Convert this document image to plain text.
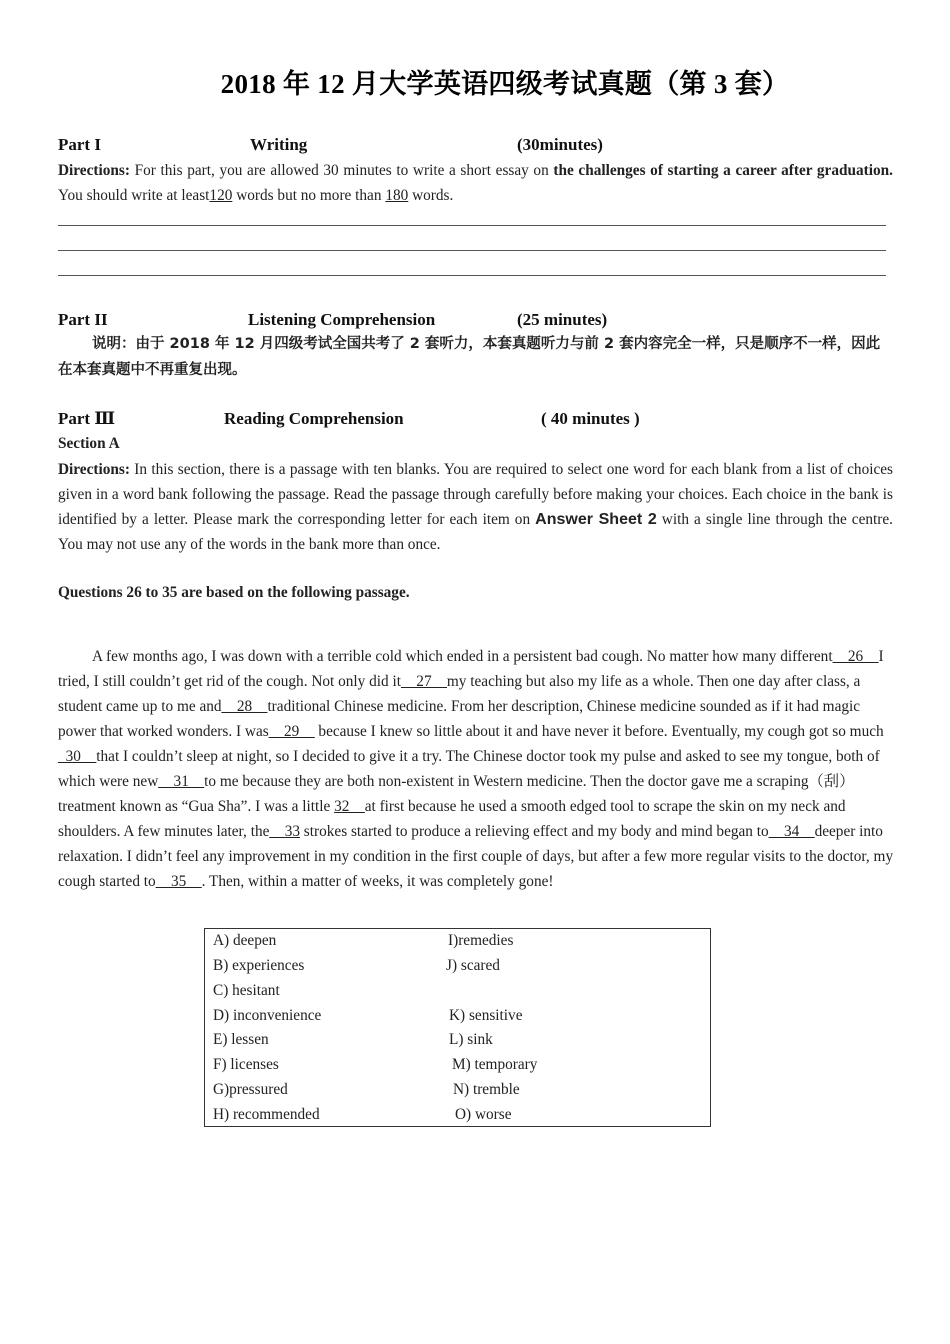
2018 年 12 月大学英语四级考试真题（第 3 套）
Part I	Writing	(30minutes)

Directions: For this part, you are allowed 30 minutes to write a short essay on the challenges of starting a career after graduation. You should write at least120 words but no more than 180 words.

Part II	Listening Comprehension	(25 minutes)

说明：由于 2018 年 12 月四级考试全国共考了 2 套听力，本套真题听力与前 2 套内容完全一样，只是顺序不一样，因此在本套真题中不再重复出现。

Part Ⅲ	Reading Comprehension	( 40 minutes )
Section A

Directions: In this section, there is a passage with ten blanks. You are required to select one word for each blank from a list of choices given in a word bank following the passage. Read the passage through carefully before making your choices. Each choice in the bank is identified by a letter. Please mark the corresponding letter for each item on Answer Sheet 2 with a single line through the centre. You may not use any of the words in the bank more than once.

Questions 26 to 35 are based on the following passage.

A few months ago, I was down with a terrible cold which ended in a persistent bad cough. No matter how many different__26__I tried, I still couldn’t get rid of the cough. Not only did it__27__my teaching but also my life as a whole. Then one day after class, a student came up to me and__28__traditional Chinese medicine. From her description, Chinese medicine sounded as if it had magic power that worked wonders. I was__29__ because I knew so little about it and have never it before. Eventually, my cough got so much _30__that I couldn’t sleep at night, so I decided to give it a try. The Chinese doctor took my pulse and asked to see my tongue, both of which were new__31__to me because they are both non-existent in Western medicine. Then the doctor gave me a scraping（刮）treatment known as “Gua Sha”. I was a little 32__at first because he used a smooth edged tool to scrape the skin on my neck and shoulders. A few minutes later, the__33 strokes started to produce a relieving effect and my body and mind began to__34__deeper into relaxation. I didn’t feel any improvement in my condition in the first couple of days, but after a few more regular visits to the doctor, my cough started to__35__. Then, within a matter of weeks, it was completely gone!

A) deepen	I)remedies
B) experiences	J) scared
C) hesitant
D) inconvenience	K) sensitive
E) lessen	L) sink
F) licenses	M) temporary
G)pressured	N) tremble
H) recommended	O) worse
